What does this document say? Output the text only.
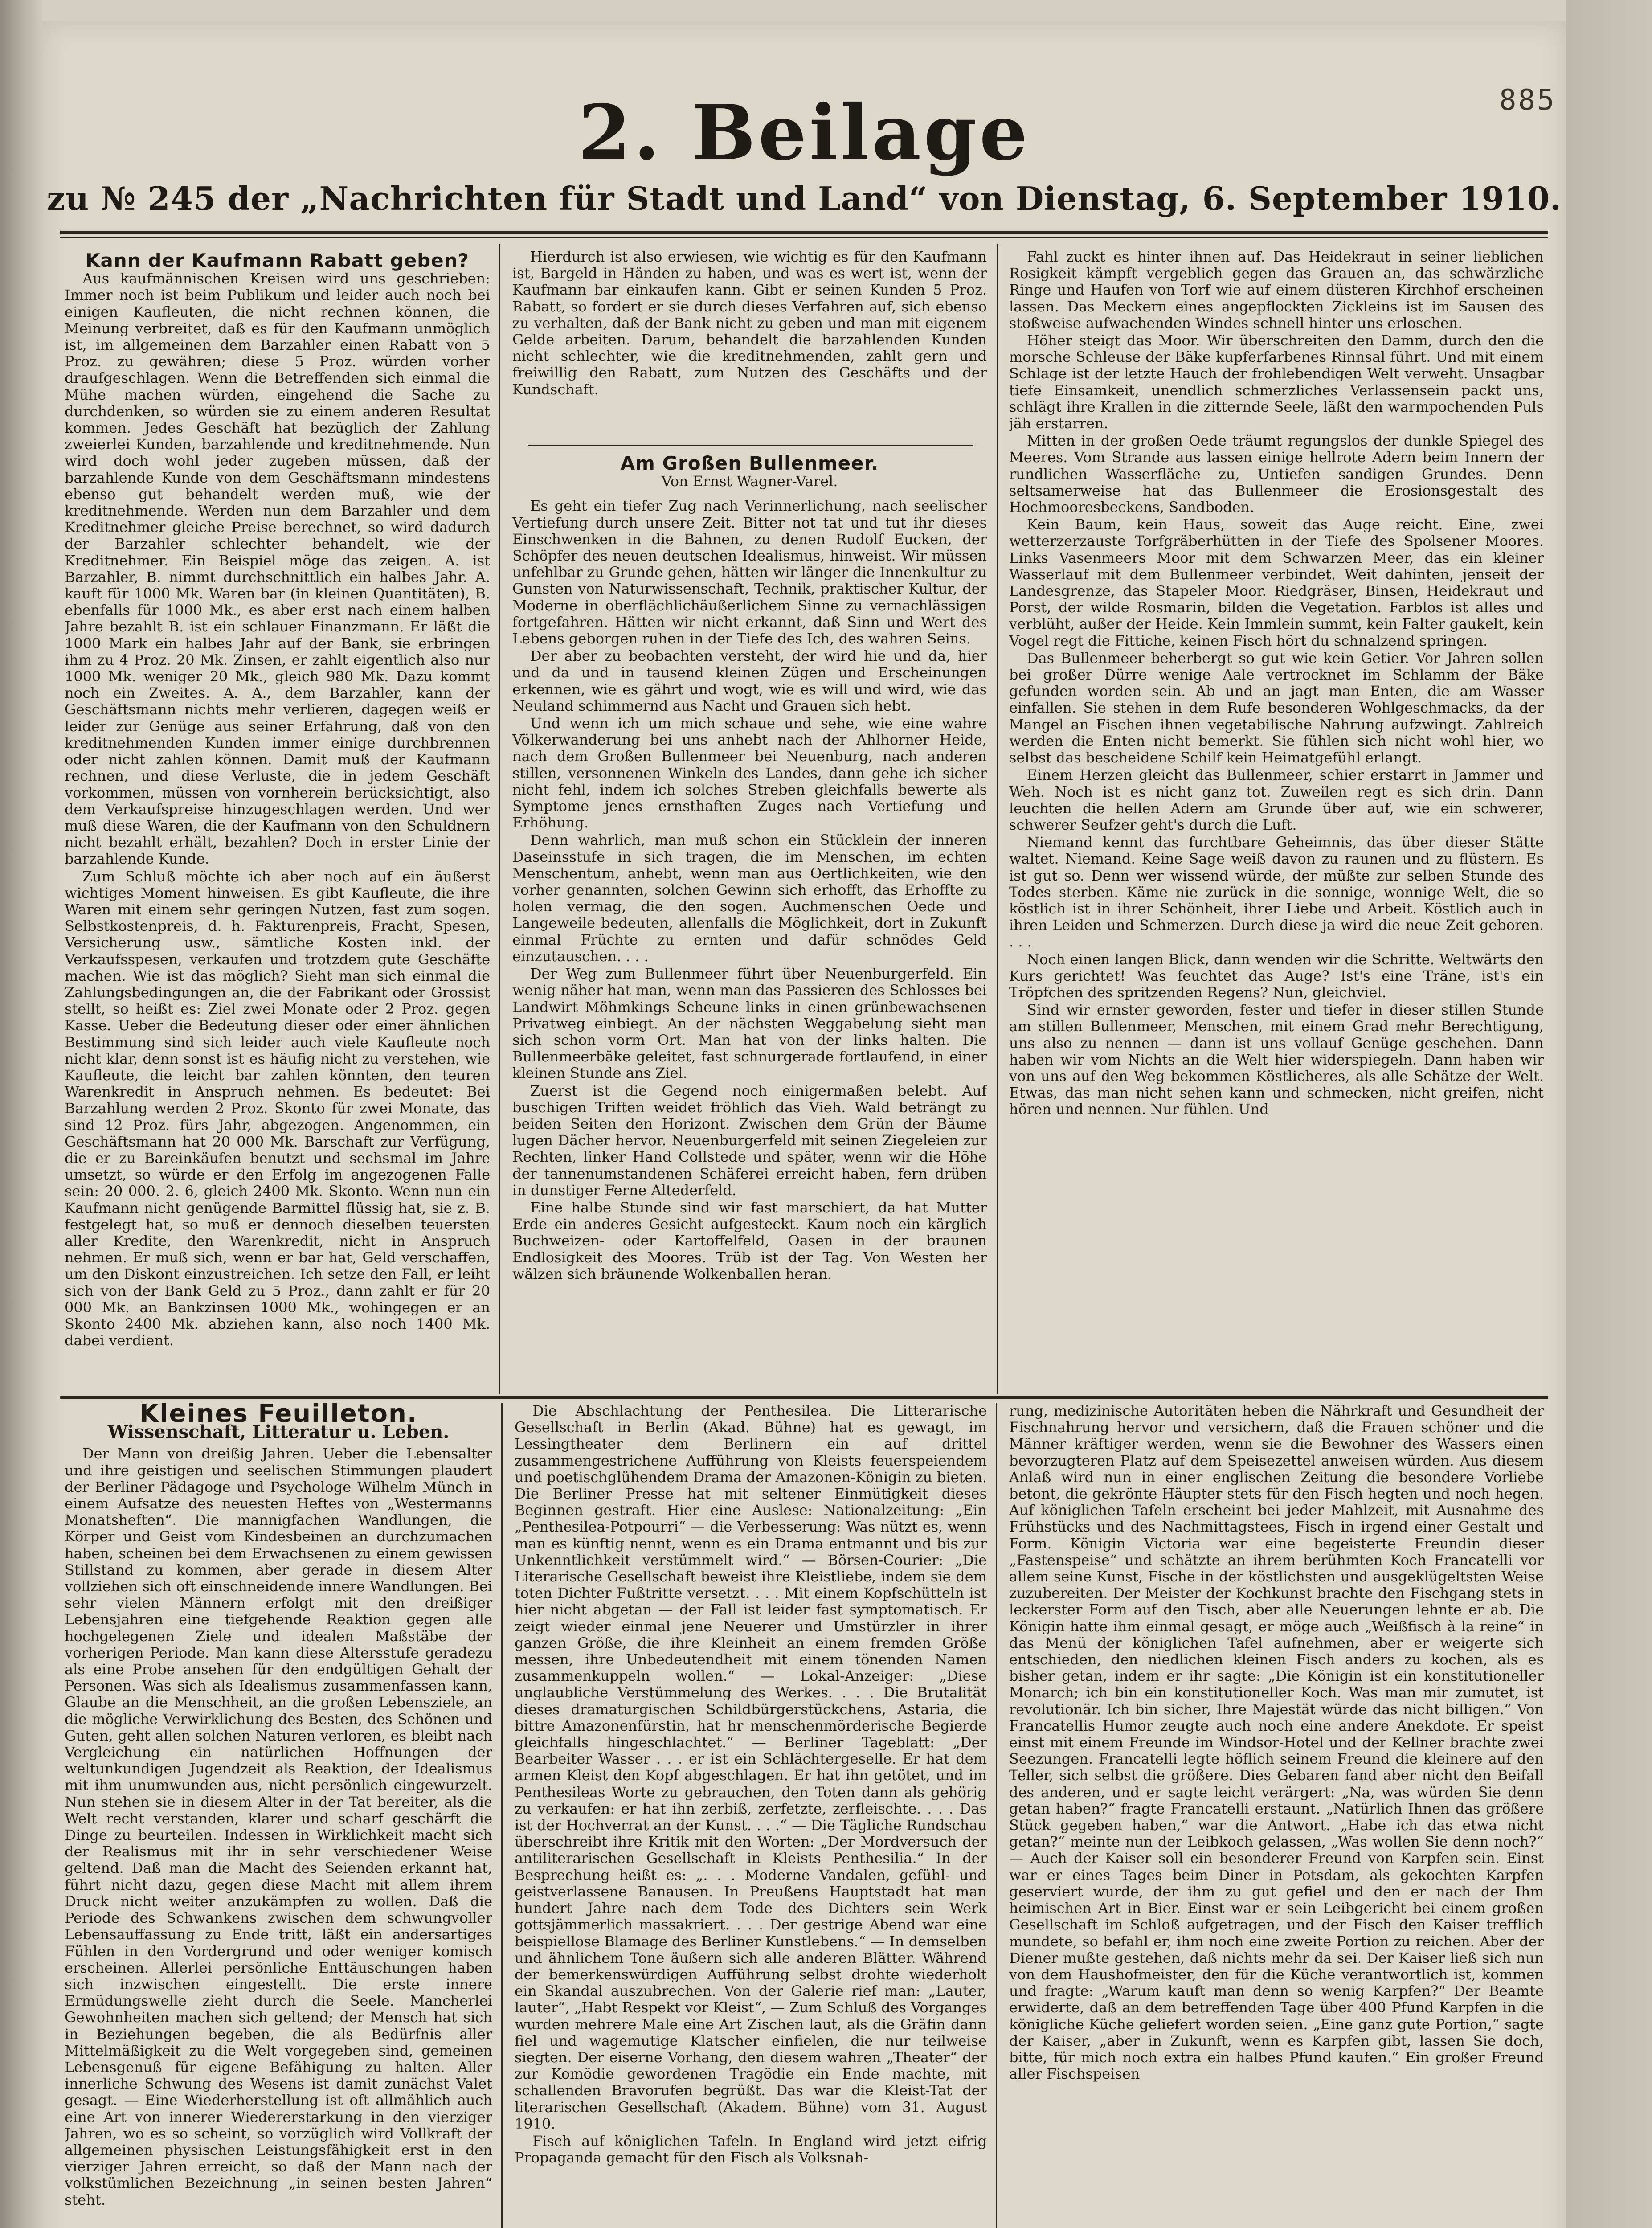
885
2. Beilage
zu № 245 der „Nachrichten für Stadt und Land“ von Dienstag, 6. September 1910.
Kann der Kaufmann Rabatt geben?

Aus kaufmännischen Kreisen wird uns geschrieben: Immer noch ist beim Publikum und leider auch noch bei einigen Kaufleuten, die nicht rechnen können, die Meinung verbreitet, daß es für den Kaufmann unmöglich ist, im allgemeinen dem Barzahler einen Rabatt von 5 Proz. zu gewähren; diese 5 Proz. würden vorher draufgeschlagen. Wenn die Betreffenden sich einmal die Mühe machen würden, eingehend die Sache zu durchdenken, so würden sie zu einem anderen Resultat kommen. Jedes Geschäft hat bezüglich der Zahlung zweierlei Kunden, barzahlende und kreditnehmende. Nun wird doch wohl jeder zugeben müssen, daß der barzahlende Kunde von dem Geschäftsmann mindestens ebenso gut behandelt werden muß, wie der kreditnehmende. Werden nun dem Barzahler und dem Kreditnehmer gleiche Preise berechnet, so wird dadurch der Barzahler schlechter behandelt, wie der Kreditnehmer. Ein Beispiel möge das zeigen. A. ist Barzahler, B. nimmt durchschnittlich ein halbes Jahr. A. kauft für 1000 Mk. Waren bar (in kleinen Quantitäten), B. ebenfalls für 1000 Mk., es aber erst nach einem halben Jahre bezahlt B. ist ein schlauer Finanzmann. Er läßt die 1000 Mark ein halbes Jahr auf der Bank, sie erbringen ihm zu 4 Proz. 20 Mk. Zinsen, er zahlt eigentlich also nur 1000 Mk. weniger 20 Mk., gleich 980 Mk. Dazu kommt noch ein Zweites. A. A., dem Barzahler, kann der Geschäftsmann nichts mehr verlieren, dagegen weiß er leider zur Genüge aus seiner Erfahrung, daß von den kreditnehmenden Kunden immer einige durchbrennen oder nicht zahlen können. Damit muß der Kaufmann rechnen, und diese Verluste, die in jedem Geschäft vorkommen, müssen von vornherein berücksichtigt, also dem Verkaufspreise hinzugeschlagen werden. Und wer muß diese Waren, die der Kaufmann von den Schuldnern nicht bezahlt erhält, bezahlen? Doch in erster Linie der barzahlende Kunde.

Zum Schluß möchte ich aber noch auf ein äußerst wichtiges Moment hinweisen. Es gibt Kaufleute, die ihre Waren mit einem sehr geringen Nutzen, fast zum sogen. Selbstkostenpreis, d. h. Fakturenpreis, Fracht, Spesen, Versicherung usw., sämtliche Kosten inkl. der Verkaufsspesen, verkaufen und trotzdem gute Geschäfte machen. Wie ist das möglich? Sieht man sich einmal die Zahlungsbedingungen an, die der Fabrikant oder Grossist stellt, so heißt es: Ziel zwei Monate oder 2 Proz. gegen Kasse. Ueber die Bedeutung dieser oder einer ähnlichen Bestimmung sind sich leider auch viele Kaufleute noch nicht klar, denn sonst ist es häufig nicht zu verstehen, wie Kaufleute, die leicht bar zahlen könnten, den teuren Warenkredit in Anspruch nehmen. Es bedeutet: Bei Barzahlung werden 2 Proz. Skonto für zwei Monate, das sind 12 Proz. fürs Jahr, abgezogen. Angenommen, ein Geschäftsmann hat 20 000 Mk. Barschaft zur Verfügung, die er zu Bareinkäufen benutzt und sechsmal im Jahre umsetzt, so würde er den Erfolg im angezogenen Falle sein: 20 000. 2. 6, gleich 2400 Mk. Skonto. Wenn nun ein Kaufmann nicht genügende Barmittel flüssig hat, sie z. B. festgelegt hat, so muß er dennoch dieselben teuersten aller Kredite, den Warenkredit, nicht in Anspruch nehmen. Er muß sich, wenn er bar hat, Geld verschaffen, um den Diskont einzustreichen. Ich setze den Fall, er leiht sich von der Bank Geld zu 5 Proz., dann zahlt er für 20 000 Mk. an Bankzinsen 1000 Mk., wohingegen er an Skonto 2400 Mk. abziehen kann, also noch 1400 Mk. dabei verdient.

Hierdurch ist also erwiesen, wie wichtig es für den Kaufmann ist, Bargeld in Händen zu haben, und was es wert ist, wenn der Kaufmann bar einkaufen kann. Gibt er seinen Kunden 5 Proz. Rabatt, so fordert er sie durch dieses Verfahren auf, sich ebenso zu verhalten, daß der Bank nicht zu geben und man mit eigenem Gelde arbeiten. Darum, behandelt die barzahlenden Kunden nicht schlechter, wie die kreditnehmenden, zahlt gern und freiwillig den Rabatt, zum Nutzen des Geschäfts und der Kundschaft.

Am Großen Bullenmeer.
Von Ernst Wagner-Varel.

Es geht ein tiefer Zug nach Verinnerlichung, nach seelischer Vertiefung durch unsere Zeit. Bitter not tat und tut ihr dieses Einschwenken in die Bahnen, zu denen Rudolf Eucken, der Schöpfer des neuen deutschen Idealismus, hinweist. Wir müssen unfehlbar zu Grunde gehen, hätten wir länger die Innenkultur zu Gunsten von Naturwissenschaft, Technik, praktischer Kultur, der Moderne in oberflächlichäußerlichem Sinne zu vernachlässigen fortgefahren. Hätten wir nicht erkannt, daß Sinn und Wert des Lebens geborgen ruhen in der Tiefe des Ich, des wahren Seins.

Der aber zu beobachten versteht, der wird hie und da, hier und da und in tausend kleinen Zügen und Erscheinungen erkennen, wie es gährt und wogt, wie es will und wird, wie das Neuland schimmernd aus Nacht und Grauen sich hebt.

Und wenn ich um mich schaue und sehe, wie eine wahre Völkerwanderung bei uns anhebt nach der Ahlhorner Heide, nach dem Großen Bullenmeer bei Neuenburg, nach anderen stillen, versonnenen Winkeln des Landes, dann gehe ich sicher nicht fehl, indem ich solches Streben gleichfalls bewerte als Symptome jenes ernsthaften Zuges nach Vertiefung und Erhöhung.

Denn wahrlich, man muß schon ein Stücklein der inneren Daseinsstufe in sich tragen, die im Menschen, im echten Menschentum, anhebt, wenn man aus Oertlichkeiten, wie den vorher genannten, solchen Gewinn sich erhofft, das Erhoffte zu holen vermag, die den sogen. Auchmenschen Oede und Langeweile bedeuten, allenfalls die Möglichkeit, dort in Zukunft einmal Früchte zu ernten und dafür schnödes Geld einzutauschen. . . .

Der Weg zum Bullenmeer führt über Neuenburgerfeld. Ein wenig näher hat man, wenn man das Passieren des Schlosses bei Landwirt Möhmkings Scheune links in einen grünbewachsenen Privatweg einbiegt. An der nächsten Weggabelung sieht man sich schon vorm Ort. Man hat von der links halten. Die Bullenmeerbäke geleitet, fast schnurgerade fortlaufend, in einer kleinen Stunde ans Ziel.

Zuerst ist die Gegend noch einigermaßen belebt. Auf buschigen Triften weidet fröhlich das Vieh. Wald beträngt zu beiden Seiten den Horizont. Zwischen dem Grün der Bäume lugen Dächer hervor. Neuenburgerfeld mit seinen Ziegeleien zur Rechten, linker Hand Collstede und später, wenn wir die Höhe der tannenumstandenen Schäferei erreicht haben, fern drüben in dunstiger Ferne Altederfeld.

Eine halbe Stunde sind wir fast marschiert, da hat Mutter Erde ein anderes Gesicht aufgesteckt. Kaum noch ein kärglich Buchweizen- oder Kartoffelfeld, Oasen in der braunen Endlosigkeit des Moores. Trüb ist der Tag. Von Westen her wälzen sich bräunende Wolkenballen heran.

Fahl zuckt es hinter ihnen auf. Das Heidekraut in seiner lieblichen Rosigkeit kämpft vergeblich gegen das Grauen an, das schwärzliche Ringe und Haufen von Torf wie auf einem düsteren Kirchhof erscheinen lassen. Das Meckern eines angepflockten Zickleins ist im Sausen des stoßweise aufwachenden Windes schnell hinter uns erloschen.

Höher steigt das Moor. Wir überschreiten den Damm, durch den die morsche Schleuse der Bäke kupferfarbenes Rinnsal führt. Und mit einem Schlage ist der letzte Hauch der frohlebendigen Welt verweht. Unsagbar tiefe Einsamkeit, unendlich schmerzliches Verlassensein packt uns, schlägt ihre Krallen in die zitternde Seele, läßt den warmpochenden Puls jäh erstarren.

Mitten in der großen Oede träumt regungslos der dunkle Spiegel des Meeres. Vom Strande aus lassen einige hellrote Adern beim Innern der rundlichen Wasserfläche zu, Untiefen sandigen Grundes. Denn seltsamerweise hat das Bullenmeer die Erosionsgestalt des Hochmooresbeckens, Sandboden.

Kein Baum, kein Haus, soweit das Auge reicht. Eine, zwei wetterzerzauste Torfgräberhütten in der Tiefe des Spolsener Moores. Links Vasenmeers Moor mit dem Schwarzen Meer, das ein kleiner Wasserlauf mit dem Bullenmeer verbindet. Weit dahinten, jenseit der Landesgrenze, das Stapeler Moor. Riedgräser, Binsen, Heidekraut und Porst, der wilde Rosmarin, bilden die Vegetation. Farblos ist alles und verblüht, außer der Heide. Kein Immlein summt, kein Falter gaukelt, kein Vogel regt die Fittiche, keinen Fisch hört du schnalzend springen.

Das Bullenmeer beherbergt so gut wie kein Getier. Vor Jahren sollen bei großer Dürre wenige Aale vertrocknet im Schlamm der Bäke gefunden worden sein. Ab und an jagt man Enten, die am Wasser einfallen. Sie stehen in dem Rufe besonderen Wohlgeschmacks, da der Mangel an Fischen ihnen vegetabilische Nahrung aufzwingt. Zahlreich werden die Enten nicht bemerkt. Sie fühlen sich nicht wohl hier, wo selbst das bescheidene Schilf kein Heimatgefühl erlangt.

Einem Herzen gleicht das Bullenmeer, schier erstarrt in Jammer und Weh. Noch ist es nicht ganz tot. Zuweilen regt es sich drin. Dann leuchten die hellen Adern am Grunde über auf, wie ein schwerer, schwerer Seufzer geht's durch die Luft.

Niemand kennt das furchtbare Geheimnis, das über dieser Stätte waltet. Niemand. Keine Sage weiß davon zu raunen und zu flüstern. Es ist gut so. Denn wer wissend würde, der müßte zur selben Stunde des Todes sterben. Käme nie zurück in die sonnige, wonnige Welt, die so köstlich ist in ihrer Schönheit, ihrer Liebe und Arbeit. Köstlich auch in ihren Leiden und Schmerzen. Durch diese ja wird die neue Zeit geboren. . . .

Noch einen langen Blick, dann wenden wir die Schritte. Weltwärts den Kurs gerichtet! Was feuchtet das Auge? Ist's eine Träne, ist's ein Tröpfchen des spritzenden Regens? Nun, gleichviel.

Sind wir ernster geworden, fester und tiefer in dieser stillen Stunde am stillen Bullenmeer, Menschen, mit einem Grad mehr Berechtigung, uns also zu nennen — dann ist uns vollauf Genüge geschehen. Dann haben wir vom Nichts an die Welt hier widerspiegeln. Dann haben wir von uns auf den Weg bekommen Köstlicheres, als alle Schätze der Welt. Etwas, das man nicht sehen kann und schmecken, nicht greifen, nicht hören und nennen. Nur fühlen. Und

Kleines Feuilleton.
Wissenschaft, Litteratur u. Leben.

Der Mann von dreißig Jahren. Ueber die Lebensalter und ihre geistigen und seelischen Stimmungen plaudert der Berliner Pädagoge und Psychologe Wilhelm Münch in einem Aufsatze des neuesten Heftes von „Westermanns Monatsheften“. Die mannigfachen Wandlungen, die Körper und Geist vom Kindesbeinen an durchzumachen haben, scheinen bei dem Erwachsenen zu einem gewissen Stillstand zu kommen, aber gerade in diesem Alter vollziehen sich oft einschneidende innere Wandlungen. Bei sehr vielen Männern erfolgt mit den dreißiger Lebensjahren eine tiefgehende Reaktion gegen alle hochgelegenen Ziele und idealen Maßstäbe der vorherigen Periode. Man kann diese Altersstufe geradezu als eine Probe ansehen für den endgültigen Gehalt der Personen. Was sich als Idealismus zusammenfassen kann, Glaube an die Menschheit, an die großen Lebensziele, an die mögliche Verwirklichung des Besten, des Schönen und Guten, geht allen solchen Naturen verloren, es bleibt nach Vergleichung ein natürlichen Hoffnungen der weltunkundigen Jugendzeit als Reaktion, der Idealismus mit ihm unumwunden aus, nicht persönlich eingewurzelt. Nun stehen sie in diesem Alter in der Tat bereiter, als die Welt recht verstanden, klarer und scharf geschärft die Dinge zu beurteilen. Indessen in Wirklichkeit macht sich der Realismus mit ihr in sehr verschiedener Weise geltend. Daß man die Macht des Seienden erkannt hat, führt nicht dazu, gegen diese Macht mit allem ihrem Druck nicht weiter anzukämpfen zu wollen. Daß die Periode des Schwankens zwischen dem schwungvoller Lebensauffassung zu Ende tritt, läßt ein andersartiges Fühlen in den Vordergrund und oder weniger komisch erscheinen. Allerlei persönliche Enttäuschungen haben sich inzwischen eingestellt. Die erste innere Ermüdungswelle zieht durch die Seele. Mancherlei Gewohnheiten machen sich geltend; der Mensch hat sich in Beziehungen begeben, die als Bedürfnis aller Mittelmäßigkeit zu die Welt vorgegeben sind, gemeinen Lebensgenuß für eigene Befähigung zu halten. Aller innerliche Schwung des Wesens ist damit zunächst Valet gesagt. — Eine Wiederherstellung ist oft allmählich auch eine Art von innerer Wiedererstarkung in den vierziger Jahren, wo es so scheint, so vorzüglich wird Vollkraft der allgemeinen physischen Leistungsfähigkeit erst in den vierziger Jahren erreicht, so daß der Mann nach der volkstümlichen Bezeichnung „in seinen besten Jahren“ steht.

Die Abschlachtung der Penthesilea. Die Litterarische Gesellschaft in Berlin (Akad. Bühne) hat es gewagt, im Lessingtheater dem Berlinern ein auf drittel zusammengestrichene Aufführung von Kleists feuerspeiendem und poetischglühendem Drama der Amazonen-Königin zu bieten. Die Berliner Presse hat mit seltener Einmütigkeit dieses Beginnen gestraft. Hier eine Auslese: Nationalzeitung: „Ein „Penthesilea-Potpourri“ — die Verbesserung: Was nützt es, wenn man es künftig nennt, wenn es ein Drama entmannt und bis zur Unkenntlichkeit verstümmelt wird.“ — Börsen-Courier: „Die Literarische Gesellschaft beweist ihre Kleistliebe, indem sie dem toten Dichter Fußtritte versetzt. . . . Mit einem Kopfschütteln ist hier nicht abgetan — der Fall ist leider fast symptomatisch. Er zeigt wieder einmal jene Neuerer und Umstürzler in ihrer ganzen Größe, die ihre Kleinheit an einem fremden Größe messen, ihre Unbedeutendheit mit einem tönenden Namen zusammenkuppeln wollen.“ — Lokal-Anzeiger: „Diese unglaubliche Verstümmelung des Werkes. . . . Die Brutalität dieses dramaturgischen Schildbürgerstückchens, Astaria, die bittre Amazonenfürstin, hat hr menschenmörderische Begierde gleichfalls hingeschlachtet.“ — Berliner Tageblatt: „Der Bearbeiter Wasser . . . er ist ein Schlächtergeselle. Er hat dem armen Kleist den Kopf abgeschlagen. Er hat ihn getötet, und im Penthesileas Worte zu gebrauchen, den Toten dann als gehörig zu verkaufen: er hat ihn zerbiß, zerfetzte, zerfleischte. . . . Das ist der Hochverrat an der Kunst. . . .“ — Die Tägliche Rundschau überschreibt ihre Kritik mit den Worten: „Der Mordversuch der antiliterarischen Gesellschaft in Kleists Penthesilia.“ In der Besprechung heißt es: „. . . Moderne Vandalen, gefühl- und geistverlassene Banausen. In Preußens Hauptstadt hat man hundert Jahre nach dem Tode des Dichters sein Werk gottsjämmerlich massakriert. . . . Der gestrige Abend war eine beispiellose Blamage des Berliner Kunstlebens.“ — In demselben und ähnlichem Tone äußern sich alle anderen Blätter. Während der bemerkenswürdigen Aufführung selbst drohte wiederholt ein Skandal auszubrechen. Von der Galerie rief man: „Lauter, lauter“, „Habt Respekt vor Kleist“, — Zum Schluß des Vorganges wurden mehrere Male eine Art Zischen laut, als die Gräfin dann fiel und wagemutige Klatscher einfielen, die nur teilweise siegten. Der eiserne Vorhang, den diesem wahren „Theater“ der zur Komödie gewordenen Tragödie ein Ende machte, mit schallenden Bravorufen begrüßt. Das war die Kleist-Tat der literarischen Gesellschaft (Akadem. Bühne) vom 31. August 1910.

Fisch auf königlichen Tafeln. In England wird jetzt eifrig Propaganda gemacht für den Fisch als Volksnah-

rung, medizinische Autoritäten heben die Nährkraft und Gesundheit der Fischnahrung hervor und versichern, daß die Frauen schöner und die Männer kräftiger werden, wenn sie die Bewohner des Wassers einen bevorzugteren Platz auf dem Speisezettel anweisen würden. Aus diesem Anlaß wird nun in einer englischen Zeitung die besondere Vorliebe betont, die gekrönte Häupter stets für den Fisch hegten und noch hegen. Auf königlichen Tafeln erscheint bei jeder Mahlzeit, mit Ausnahme des Frühstücks und des Nachmittagstees, Fisch in irgend einer Gestalt und Form. Königin Victoria war eine begeisterte Freundin dieser „Fastenspeise“ und schätzte an ihrem berühmten Koch Francatelli vor allem seine Kunst, Fische in der köstlichsten und ausgeklügeltsten Weise zuzubereiten. Der Meister der Kochkunst brachte den Fischgang stets in leckerster Form auf den Tisch, aber alle Neuerungen lehnte er ab. Die Königin hatte ihm einmal gesagt, er möge auch „Weißfisch à la reine“ in das Menü der königlichen Tafel aufnehmen, aber er weigerte sich entschieden, den niedlichen kleinen Fisch anders zu kochen, als es bisher getan, indem er ihr sagte: „Die Königin ist ein konstitutioneller Monarch; ich bin ein konstitutioneller Koch. Was man mir zumutet, ist revolutionär. Ich bin sicher, Ihre Majestät würde das nicht billigen.“ Von Francatellis Humor zeugte auch noch eine andere Anekdote. Er speist einst mit einem Freunde im Windsor-Hotel und der Kellner brachte zwei Seezungen. Francatelli legte höflich seinem Freund die kleinere auf den Teller, sich selbst die größere. Dies Gebaren fand aber nicht den Beifall des anderen, und er sagte leicht verärgert: „Na, was würden Sie denn getan haben?“ fragte Francatelli erstaunt. „Natürlich Ihnen das größere Stück gegeben haben,“ war die Antwort. „Habe ich das etwa nicht getan?“ meinte nun der Leibkoch gelassen, „Was wollen Sie denn noch?“ — Auch der Kaiser soll ein besonderer Freund von Karpfen sein. Einst war er eines Tages beim Diner in Potsdam, als gekochten Karpfen geserviert wurde, der ihm zu gut gefiel und den er nach der Ihm heimischen Art in Bier. Einst war er sein Leibgericht bei einem großen Gesellschaft im Schloß aufgetragen, und der Fisch den Kaiser trefflich mundete, so befahl er, ihm noch eine zweite Portion zu reichen. Aber der Diener mußte gestehen, daß nichts mehr da sei. Der Kaiser ließ sich nun von dem Haushofmeister, den für die Küche verantwortlich ist, kommen und fragte: „Warum kauft man denn so wenig Karpfen?“ Der Beamte erwiderte, daß an dem betreffenden Tage über 400 Pfund Karpfen in die königliche Küche geliefert worden seien. „Eine ganz gute Portion,“ sagte der Kaiser, „aber in Zukunft, wenn es Karpfen gibt, lassen Sie doch, bitte, für mich noch extra ein halbes Pfund kaufen.“ Ein großer Freund aller Fischspeisen
